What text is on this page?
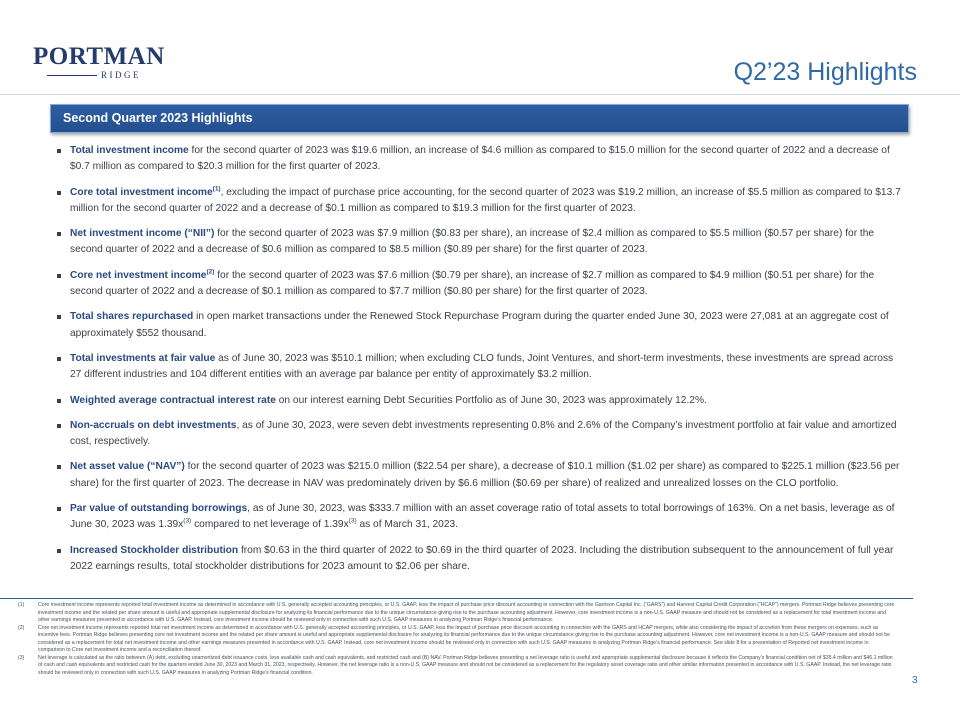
PORTMAN
RIDGE	Q2’23 Highlights
Second Quarter 2023 Highlights
Total investment income for the second quarter of 2023 was $19.6 million, an increase of $4.6 million as compared to $15.0 million for the second quarter of 2022 and a decrease of $0.7 million as compared to $20.3 million for the first quarter of 2023.
Core total investment income$^{(1)}$, excluding the impact of purchase price accounting, for the second quarter of 2023 was $19.2 million, an increase of $5.5 million as compared to $13.7 million for the second quarter of 2022 and a decrease of $0.1 million as compared to $19.3 million for the first quarter of 2023.
Net investment income (“NII”) for the second quarter of 2023 was $7.9 million ($0.83 per share), an increase of $2.4 million as compared to $5.5 million ($0.57 per share) for the second quarter of 2022 and a decrease of $0.6 million as compared to $8.5 million ($0.89 per share) for the first quarter of 2023.
Core net investment income$^{(2)}$ for the second quarter of 2023 was $7.6 million ($0.79 per share), an increase of $2.7 million as compared to $4.9 million ($0.51 per share) for the second quarter of 2022 and a decrease of $0.1 million as compared to $7.7 million ($0.80 per share) for the first quarter of 2023.
Total shares repurchased in open market transactions under the Renewed Stock Repurchase Program during the quarter ended June 30, 2023 were 27,081 at an aggregate cost of approximately $552 thousand.
Total investments at fair value as of June 30, 2023 was $510.1 million; when excluding CLO funds, Joint Ventures, and short-term investments, these investments are spread across 27 different industries and 104 different entities with an average par balance per entity of approximately $3.2 million.
Weighted average contractual interest rate on our interest earning Debt Securities Portfolio as of June 30, 2023 was approximately 12.2%.
Non-accruals on debt investments, as of June 30, 2023, were seven debt investments representing 0.8% and 2.6% of the Company’s investment portfolio at fair value and amortized cost, respectively.
Net asset value (“NAV”) for the second quarter of 2023 was $215.0 million ($22.54 per share), a decrease of $10.1 million ($1.02 per share) as compared to $225.1 million ($23.56 per share) for the first quarter of 2023. The decrease in NAV was predominately driven by $6.6 million ($0.69 per share) of realized and unrealized losses on the CLO portfolio.
Par value of outstanding borrowings, as of June 30, 2023, was $333.7 million with an asset coverage ratio of total assets to total borrowings of 163%. On a net basis, leverage as of June 30, 2023 was $1.39x^{(3)}$ compared to net leverage of $1.39x^{(3)}$ as of March 31, 2023.
Increased Stockholder distribution from $0.63 in the third quarter of 2022 to $0.69 in the third quarter of 2023. Including the distribution subsequent to the announcement of full year 2022 earnings results, total stockholder distributions for 2023 amount to $2.06 per share.
(1)	Core investment income represents reported total investment income as determined in accordance with U.S. generally accepted accounting principles, or U.S. GAAP, less the impact of purchase price discount accounting in connection with the Garrison Capital Inc. (“GARS”) and Harvest Capital Credit Corporation (“HCAP”) mergers. Portman Ridge believes presenting core investment income and the related per share amount is useful and appropriate supplemental disclosure for analyzing its financial performance due to the unique circumstance giving rise to the purchase accounting adjustment. However, core investment income is a non-U.S. GAAP measure and should not be considered as a replacement for total investment income and other earnings measures presented in accordance with U.S. GAAP. Instead, core investment income should be reviewed only in connection with such U.S. GAAP measures in analyzing Portman Ridge’s financial performance.
(2)	Core net investment income represents reported total net investment income as determined in accordance with U.S. generally accepted accounting principles, or U.S. GAAP, less the impact of purchase price discount accounting in connection with the GARS and HCAP mergers, while also considering the impact of accretion from these mergers on expenses, such as incentive fees. Portman Ridge believes presenting core net investment income and the related per share amount is useful and appropriate supplemental disclosure for analyzing its financial performance due to the unique circumstance giving rise to the purchase accounting adjustment. However, core net investment income is a non-U.S. GAAP measure and should not be considered as a replacement for total net investment income and other earnings measures presented in accordance with U.S. GAAP. Instead, core net investment income should be reviewed only in connection with such U.S. GAAP measures in analyzing Portman Ridge’s financial performance. See slide 8 for a presentation of Reported net investment income in comparison to Core net investment income and a reconciliation thereof.
(3)	Net leverage is calculated as the ratio between (A) debt, excluding unamortized debt issuance costs, less available cash and cash equivalents, and restricted cash and (B) NAV. Portman Ridge believes presenting a net leverage ratio is useful and appropriate supplemental disclosure because it reflects the Company’s financial condition net of $35.4 million and $46.1 million of cash and cash equivalents and restricted cash for the quarters ended June 30, 2023 and March 31, 2023, respectively. However, the net leverage ratio is a non-U.S. GAAP measure and should not be considered as a replacement for the regulatory asset coverage ratio and other similar information presented in accordance with U.S. GAAP. Instead, the net leverage ratio should be reviewed only in connection with such U.S. GAAP measures in analyzing Portman Ridge’s financial condition.
3
